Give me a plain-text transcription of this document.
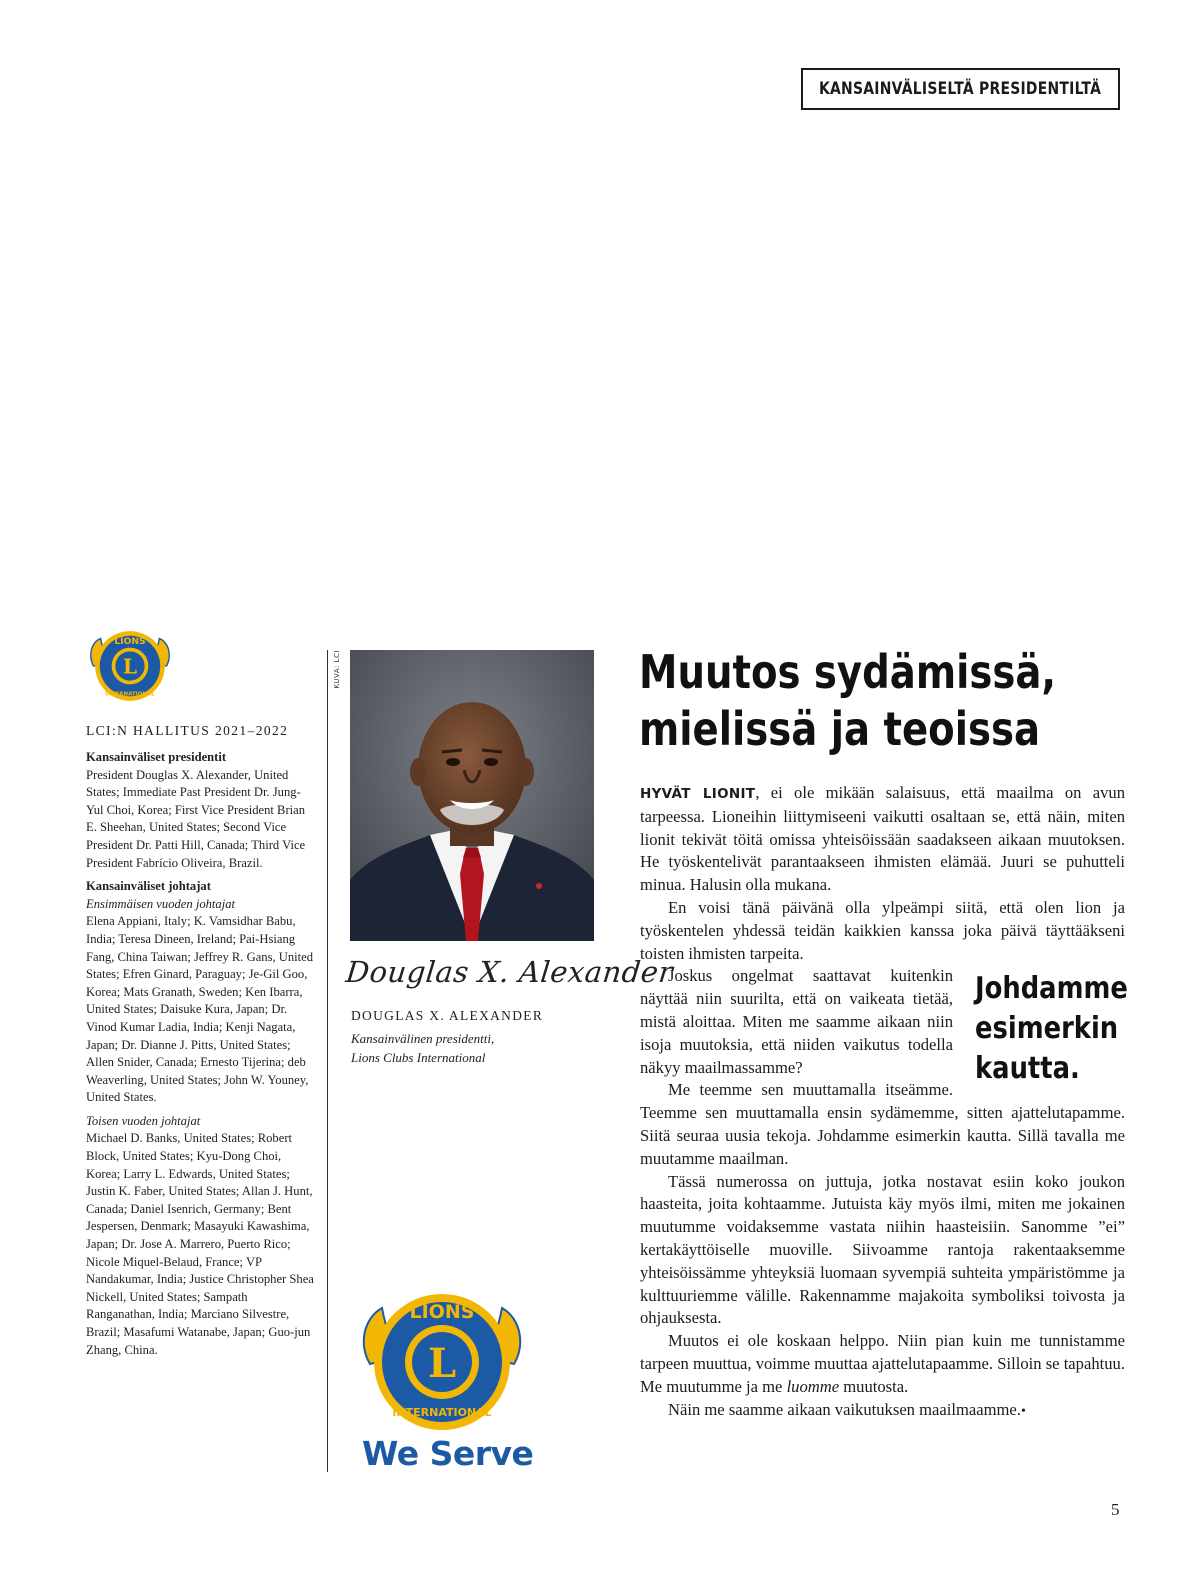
KANSAINVÄLISELTÄ PRESIDENTILTÄ
L
LIONS
INTERNATIONAL
LCI:N HALLITUS 2021–2022

Kansainväliset presidentit
President Douglas X. Alexander, United States; Immediate Past President Dr. Jung-Yul Choi, Korea; First Vice President Brian E. Sheehan, United States; Second Vice President Dr. Patti Hill, Canada; Third Vice President Fabrício Oliveira, Brazil.

Kansainväliset johtajat
Ensimmäisen vuoden johtajat
Elena Appiani, Italy; K. Vamsidhar Babu, India; Teresa Dineen, Ireland; Pai-Hsiang Fang, China Taiwan; Jeffrey R. Gans, United States; Efren Ginard, Paraguay; Je-Gil Goo, Korea; Mats Granath, Sweden; Ken Ibarra, United States; Daisuke Kura, Japan; Dr. Vinod Kumar Ladia, India; Kenji Nagata, Japan; Dr. Dianne J. Pitts, United States; Allen Snider, Canada; Ernesto Tijerina; deb Weaverling, United States; John W. Youney, United States.

Toisen vuoden johtajat
Michael D. Banks, United States; Robert Block, United States; Kyu-Dong Choi, Korea; Larry L. Edwards, United States; Justin K. Faber, United States; Allan J. Hunt, Canada; Daniel Isenrich, Germany; Bent Jespersen, Denmark; Masayuki Kawashima, Japan; Dr. Jose A. Marrero, Puerto Rico; Nicole Miquel-Belaud, France; VP Nandakumar, India; Justice Christopher Shea Nickell, United States; Sampath Ranganathan, India; Marciano Silvestre, Brazil; Masafumi Watanabe, Japan; Guo-jun Zhang, China.

KUVA: LCI
Douglas X. Alexander
DOUGLAS X. ALEXANDER
Kansainvälinen presidentti,
Lions Clubs International
L
LIONS
INTERNATIONAL
We Serve
Muutos sydämissä,
mielissä ja teoissa

HYVÄT LIONIT, ei ole mikään salaisuus, että maailma on avun tarpeessa. Lioneihin liittymiseeni vaikutti osaltaan se, että näin, miten lionit tekivät töitä omissa yhteisöissään saadakseen aikaan muutoksen. He työskentelivät parantaakseen ihmisten elämää. Juuri se puhutteli minua. Halusin olla mukana.

En voisi tänä päivänä olla ylpeämpi siitä, että olen lion ja työskentelen yhdessä teidän kaikkien kanssa joka päivä täyttääkseni toisten ihmisten tarpeita.

Johdamme
esimerkin
kautta.

Joskus ongelmat saattavat kuitenkin näyttää niin suurilta, että on vaikeata tietää, mistä aloittaa. Miten me saamme aikaan niin isoja muutoksia, että niiden vaikutus todella näkyy maailmassamme?

Me teemme sen muuttamalla itseämme. Teemme sen muuttamalla ensin sydämemme, sitten ajattelutapamme. Siitä seuraa uusia tekoja. Johdamme esimerkin kautta. Sillä tavalla me muutamme maailman.

Tässä numerossa on juttuja, jotka nostavat esiin koko joukon haasteita, joita kohtaamme. Jutuista käy myös ilmi, miten me jokainen muutumme voidaksemme vastata niihin haasteisiin. Sanomme ”ei” kertakäyttöiselle muoville. Siivoamme rantoja rakentaaksemme yhteisöissämme yhteyksiä luomaan syvempiä suhteita ympäristömme ja kulttuuriemme välille. Rakennamme majakoita symboliksi toivosta ja ohjauksesta.

Muutos ei ole koskaan helppo. Niin pian kuin me tunnistamme tarpeen muuttua, voimme muuttaa ajattelutapaamme. Silloin se tapahtuu. Me muutumme ja me luomme muutosta.

Näin me saamme aikaan vaikutuksen maailmaamme.•

5
